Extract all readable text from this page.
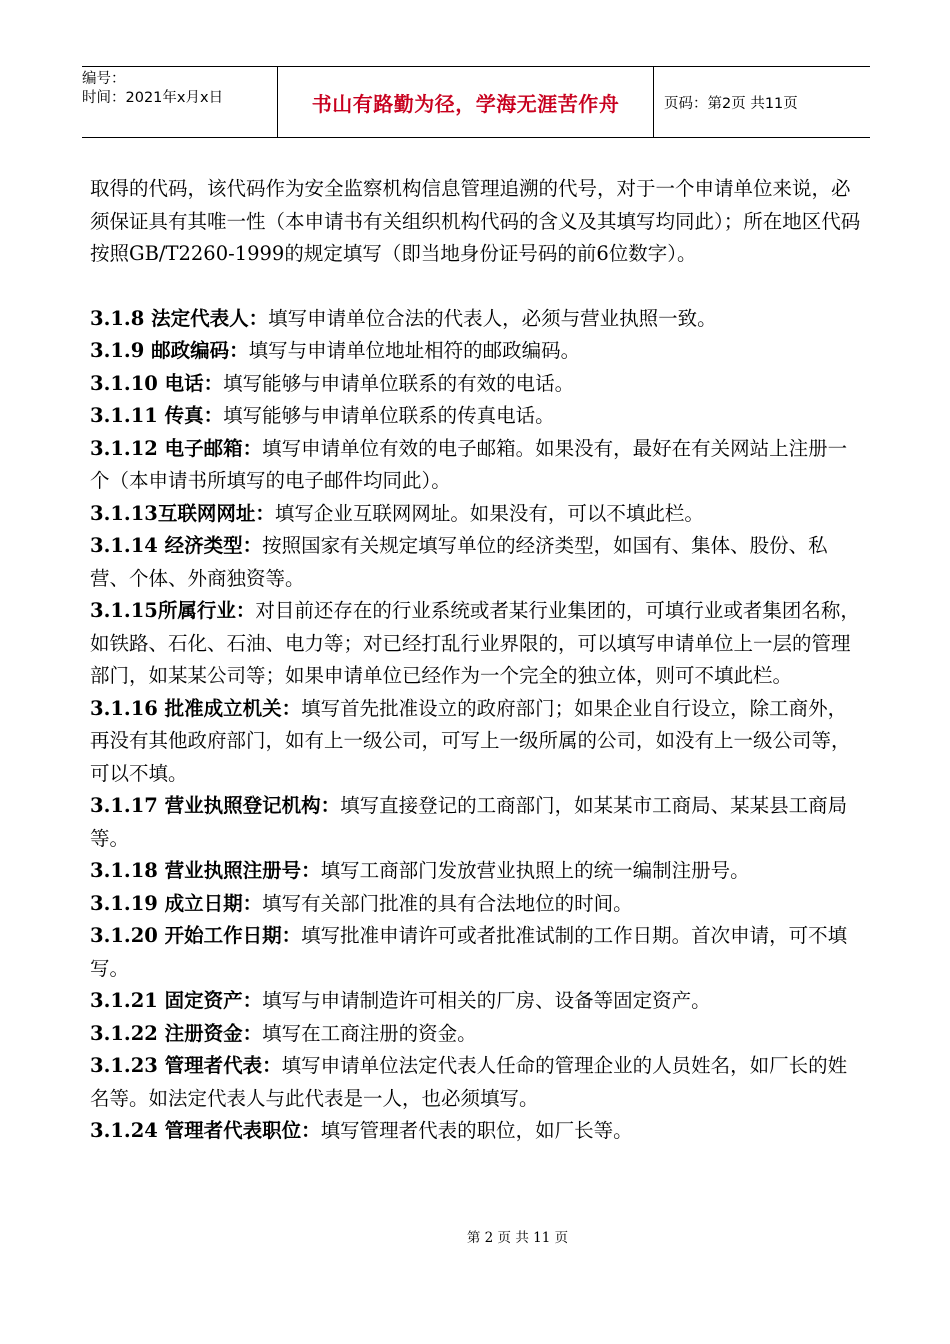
编号：
时间：2021年x月x日	书山有路勤为径，学海无涯苦作舟	页码：第2页 共11页

取得的代码，该代码作为安全监察机构信息管理追溯的代号，对于一个申请单位来说，必须保证具有其唯一性（本申请书有关组织机构代码的含义及其填写均同此）；所在地区代码按照GB/T2260-1999的规定填写（即当地身份证号码的前6位数字）。

3.1.8 法定代表人：填写申请单位合法的代表人，必须与营业执照一致。

3.1.9 邮政编码：填写与申请单位地址相符的邮政编码。

3.1.10 电话：填写能够与申请单位联系的有效的电话。

3.1.11 传真：填写能够与申请单位联系的传真电话。

3.1.12 电子邮箱：填写申请单位有效的电子邮箱。如果没有，最好在有关网站上注册一个（本申请书所填写的电子邮件均同此）。

3.1.13互联网网址：填写企业互联网网址。如果没有，可以不填此栏。

3.1.14 经济类型：按照国家有关规定填写单位的经济类型，如国有、集体、股份、私营、个体、外商独资等。

3.1.15所属行业：对目前还存在的行业系统或者某行业集团的，可填行业或者集团名称，如铁路、石化、石油、电力等；对已经打乱行业界限的，可以填写申请单位上一层的管理部门，如某某公司等；如果申请单位已经作为一个完全的独立体，则可不填此栏。

3.1.16 批准成立机关：填写首先批准设立的政府部门；如果企业自行设立，除工商外，再没有其他政府部门，如有上一级公司，可写上一级所属的公司，如没有上一级公司等，可以不填。

3.1.17 营业执照登记机构：填写直接登记的工商部门，如某某市工商局、某某县工商局等。

3.1.18 营业执照注册号：填写工商部门发放营业执照上的统一编制注册号。

3.1.19 成立日期：填写有关部门批准的具有合法地位的时间。

3.1.20 开始工作日期：填写批准申请许可或者批准试制的工作日期。首次申请，可不填写。

3.1.21 固定资产：填写与申请制造许可相关的厂房、设备等固定资产。

3.1.22 注册资金：填写在工商注册的资金。

3.1.23 管理者代表：填写申请单位法定代表人任命的管理企业的人员姓名，如厂长的姓名等。如法定代表人与此代表是一人，也必须填写。

3.1.24 管理者代表职位：填写管理者代表的职位，如厂长等。

第 2 页 共 11 页
